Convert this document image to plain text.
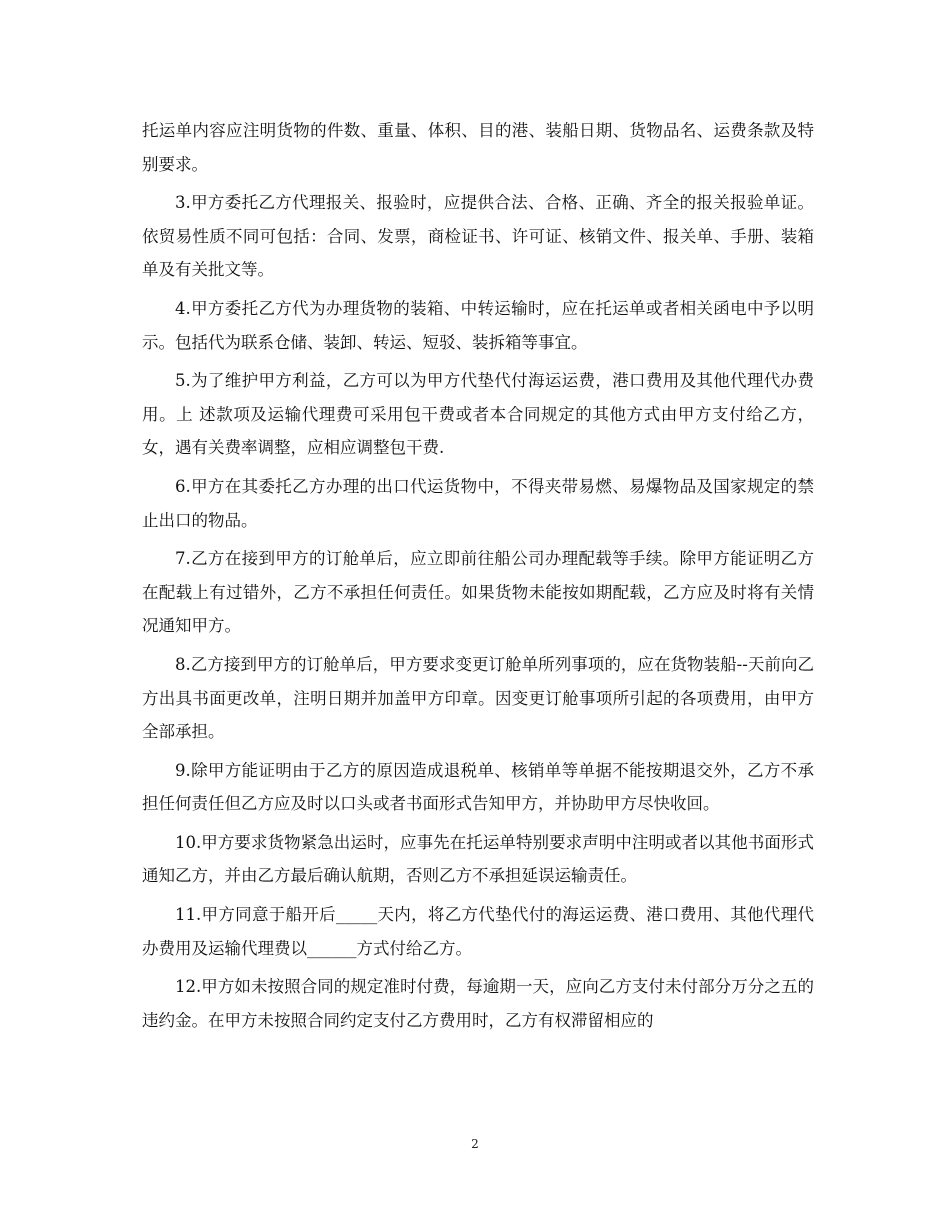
托运单内容应注明货物的件数、重量、体积、目的港、装船日期、货物品名、运费条款及特别要求。

3.甲方委托乙方代理报关、报验时，应提供合法、合格、正确、齐全的报关报验单证。依贸易性质不同可包括：合同、发票，商检证书、许可证、核销文件、报关单、手册、装箱单及有关批文等。

4.甲方委托乙方代为办理货物的装箱、中转运输时，应在托运单或者相关函电中予以明示。包括代为联系仓储、装卸、转运、短驳、装拆箱等事宜。

5.为了维护甲方利益，乙方可以为甲方代垫代付海运运费，港口费用及其他代理代办费用。上 述款项及运输代理费可采用包干费或者本合同规定的其他方式由甲方支付给乙方，女，遇有关费率调整，应相应调整包干费.

6.甲方在其委托乙方办理的出口代运货物中，不得夹带易燃、易爆物品及国家规定的禁止出口的物品。

7.乙方在接到甲方的订舱单后，应立即前往船公司办理配载等手续。除甲方能证明乙方在配载上有过错外，乙方不承担任何责任。如果货物未能按如期配载，乙方应及时将有关情况通知甲方。

8.乙方接到甲方的订舱单后，甲方要求变更订舱单所列事项的，应在货物装船--天前向乙方出具书面更改单，注明日期并加盖甲方印章。因变更订舱事项所引起的各项费用，由甲方全部承担。

9.除甲方能证明由于乙方的原因造成退税单、核销单等单据不能按期退交外，乙方不承担任何责任但乙方应及时以口头或者书面形式告知甲方，并协助甲方尽快收回。

10.甲方要求货物紧急出运时，应事先在托运单特别要求声明中注明或者以其他书面形式通知乙方，并由乙方最后确认航期，否则乙方不承担延误运输责任。

11.甲方同意于船开后_____天内，将乙方代垫代付的海运运费、港口费用、其他代理代办费用及运输代理费以______方式付给乙方。

12.甲方如未按照合同的规定准时付费，每逾期一天，应向乙方支付未付部分万分之五的违约金。在甲方未按照合同约定支付乙方费用时，乙方有权滞留相应的

2
